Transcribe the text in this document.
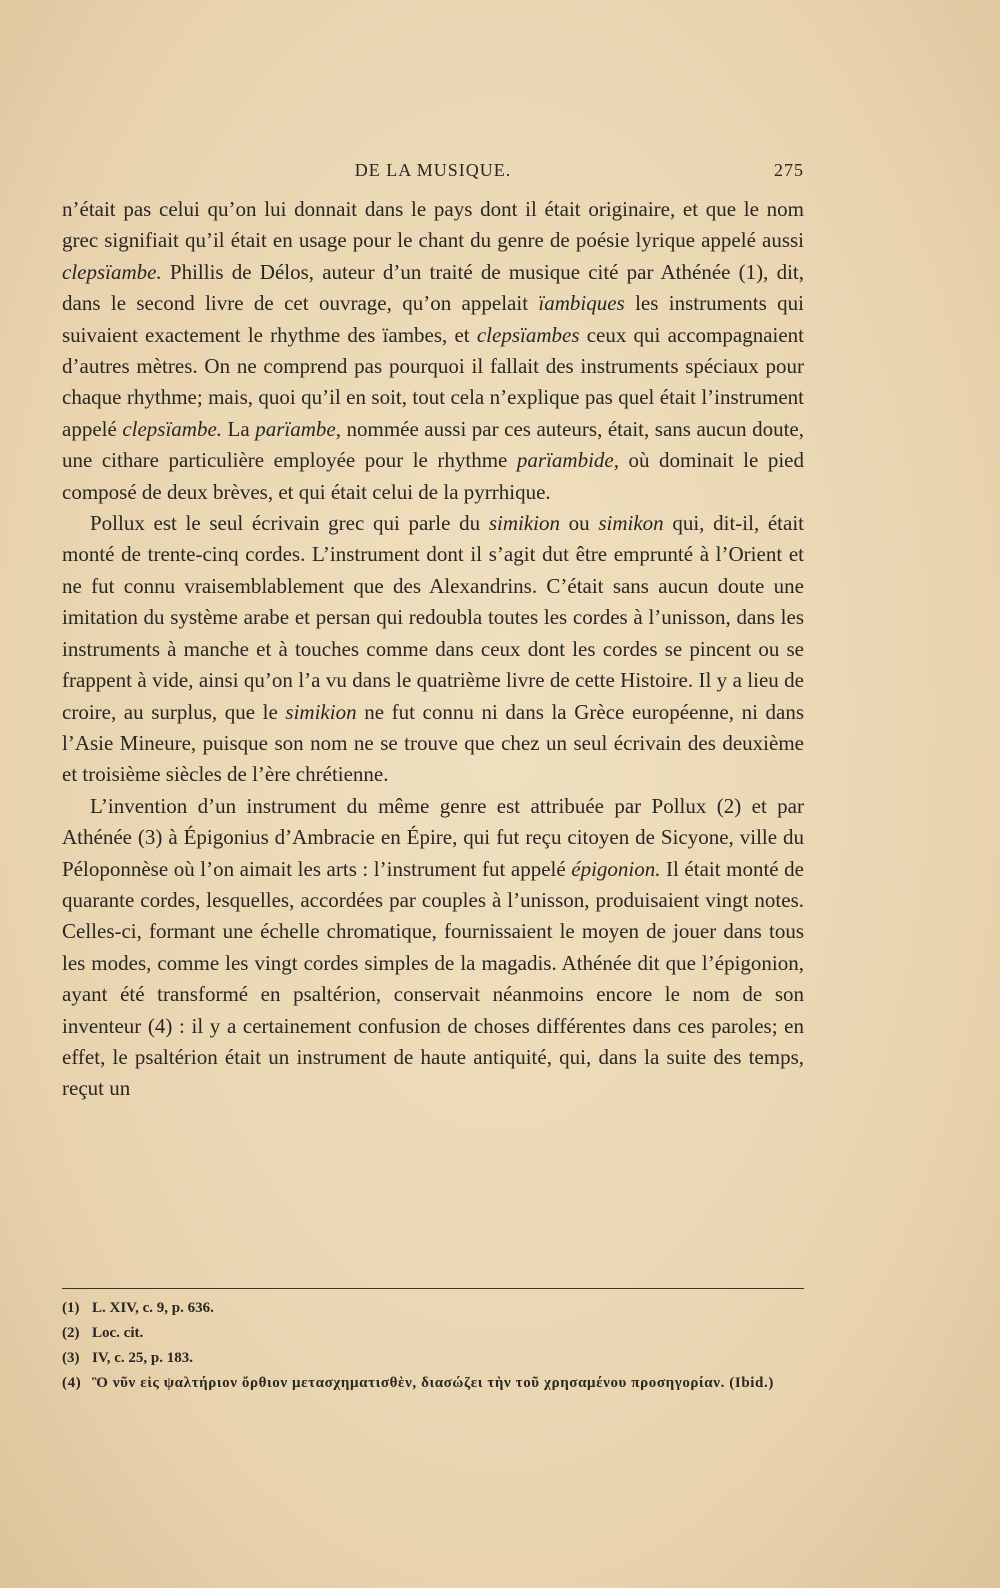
DE LA MUSIQUE.	275

n’était pas celui qu’on lui donnait dans le pays dont il était originaire, et que le nom grec signifiait qu’il était en usage pour le chant du genre de poésie lyrique appelé aussi clepsïambe. Phillis de Délos, auteur d’un traité de musique cité par Athénée (1), dit, dans le second livre de cet ouvrage, qu’on appelait ïambiques les instruments qui suivaient exactement le rhythme des ïambes, et clepsïambes ceux qui accompagnaient d’autres mètres. On ne comprend pas pourquoi il fallait des instruments spéciaux pour chaque rhythme; mais, quoi qu’il en soit, tout cela n’explique pas quel était l’instrument appelé clepsïambe. La parïambe, nommée aussi par ces auteurs, était, sans aucun doute, une cithare particulière employée pour le rhythme parïambide, où dominait le pied composé de deux brèves, et qui était celui de la pyrrhique.

Pollux est le seul écrivain grec qui parle du simikion ou simikon qui, dit-il, était monté de trente-cinq cordes. L’instrument dont il s’agit dut être emprunté à l’Orient et ne fut connu vraisemblablement que des Alexandrins. C’était sans aucun doute une imitation du système arabe et persan qui redoubla toutes les cordes à l’unisson, dans les instruments à manche et à touches comme dans ceux dont les cordes se pincent ou se frappent à vide, ainsi qu’on l’a vu dans le quatrième livre de cette Histoire. Il y a lieu de croire, au surplus, que le simikion ne fut connu ni dans la Grèce européenne, ni dans l’Asie Mineure, puisque son nom ne se trouve que chez un seul écrivain des deuxième et troisième siècles de l’ère chrétienne.

L’invention d’un instrument du même genre est attribuée par Pollux (2) et par Athénée (3) à Épigonius d’Ambracie en Épire, qui fut reçu citoyen de Sicyone, ville du Péloponnèse où l’on aimait les arts : l’instrument fut appelé épigonion. Il était monté de quarante cordes, lesquelles, accordées par couples à l’unisson, produisaient vingt notes. Celles-ci, formant une échelle chromatique, fournissaient le moyen de jouer dans tous les modes, comme les vingt cordes simples de la magadis. Athénée dit que l’épigonion, ayant été transformé en psaltérion, conservait néanmoins encore le nom de son inventeur (4) : il y a certainement confusion de choses différentes dans ces paroles; en effet, le psaltérion était un instrument de haute antiquité, qui, dans la suite des temps, reçut un

(1) L. XIV, c. 9, p. 636.
(2) Loc. cit.
(3) IV, c. 25, p. 183.
(4) Ὃ νῦν εἰς ψαλτήριον ὄρθιον μετασχηματισθὲν, διασώζει τὴν τοῦ χρησαμένου προσηγορίαν. (Ibid.)
